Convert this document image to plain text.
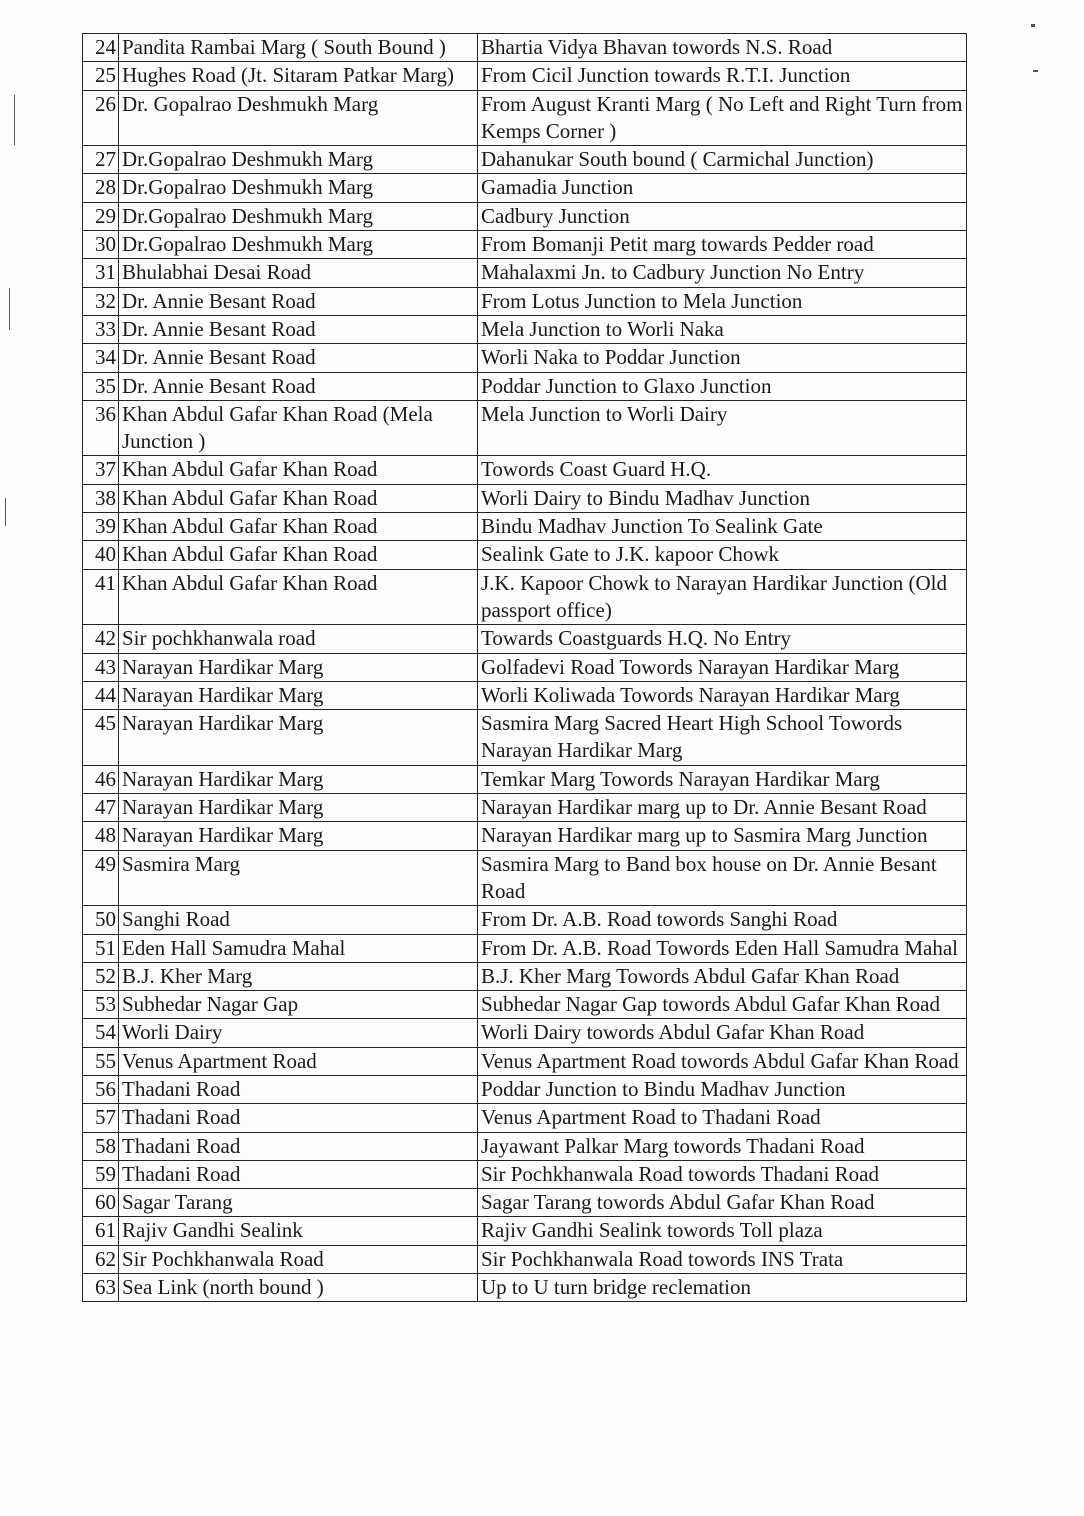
24	Pandita Rambai Marg ( South Bound )	Bhartia Vidya Bhavan towords N.S. Road
25	Hughes Road (Jt. Sitaram Patkar Marg)	From Cicil Junction towards R.T.I. Junction
26	Dr. Gopalrao Deshmukh Marg	From August Kranti Marg ( No Left and Right Turn from Kemps Corner )
27	Dr.Gopalrao Deshmukh Marg	Dahanukar South bound ( Carmichal Junction)
28	Dr.Gopalrao Deshmukh Marg	Gamadia Junction
29	Dr.Gopalrao Deshmukh Marg	Cadbury Junction
30	Dr.Gopalrao Deshmukh Marg	From Bomanji Petit marg towards Pedder road
31	Bhulabhai Desai Road	Mahalaxmi Jn. to Cadbury Junction No Entry
32	Dr. Annie Besant Road	From Lotus Junction to Mela Junction
33	Dr. Annie Besant Road	Mela Junction to Worli Naka
34	Dr. Annie Besant Road	Worli Naka to Poddar Junction
35	Dr. Annie Besant Road	Poddar Junction to Glaxo Junction
36	Khan Abdul Gafar Khan Road (Mela Junction )	Mela Junction to Worli Dairy
37	Khan Abdul Gafar Khan Road	Towords Coast Guard H.Q.
38	Khan Abdul Gafar Khan Road	Worli Dairy to Bindu Madhav Junction
39	Khan Abdul Gafar Khan Road	Bindu Madhav Junction To Sealink Gate
40	Khan Abdul Gafar Khan Road	Sealink Gate to J.K. kapoor Chowk
41	Khan Abdul Gafar Khan Road	J.K. Kapoor Chowk to Narayan Hardikar Junction (Old passport office)
42	Sir pochkhanwala road	Towards Coastguards H.Q. No Entry
43	Narayan Hardikar Marg	Golfadevi Road Towords Narayan Hardikar Marg
44	Narayan Hardikar Marg	Worli Koliwada Towords Narayan Hardikar Marg
45	Narayan Hardikar Marg	Sasmira Marg Sacred Heart High School Towords Narayan Hardikar Marg
46	Narayan Hardikar Marg	Temkar Marg Towords Narayan Hardikar Marg
47	Narayan Hardikar Marg	Narayan Hardikar marg up to Dr. Annie Besant Road
48	Narayan Hardikar Marg	Narayan Hardikar marg up to Sasmira Marg Junction
49	Sasmira Marg	Sasmira Marg to Band box house on Dr. Annie Besant Road
50	Sanghi Road	From Dr. A.B. Road towords Sanghi Road
51	Eden Hall Samudra Mahal	From Dr. A.B. Road Towords Eden Hall Samudra Mahal
52	B.J. Kher Marg	B.J. Kher Marg Towords Abdul Gafar Khan Road
53	Subhedar Nagar Gap	Subhedar Nagar Gap towords Abdul Gafar Khan Road
54	Worli Dairy	Worli Dairy towords Abdul Gafar Khan Road
55	Venus Apartment Road	Venus Apartment Road towords Abdul Gafar Khan Road
56	Thadani Road	Poddar Junction to Bindu Madhav Junction
57	Thadani Road	Venus Apartment Road to Thadani Road
58	Thadani Road	Jayawant Palkar Marg towords Thadani Road
59	Thadani Road	Sir Pochkhanwala Road towords Thadani Road
60	Sagar Tarang	Sagar Tarang towords Abdul Gafar Khan Road
61	Rajiv Gandhi Sealink	Rajiv Gandhi Sealink towords Toll plaza
62	Sir Pochkhanwala Road	Sir Pochkhanwala Road towords INS Trata
63	Sea Link (north bound )	Up to U turn bridge reclemation
